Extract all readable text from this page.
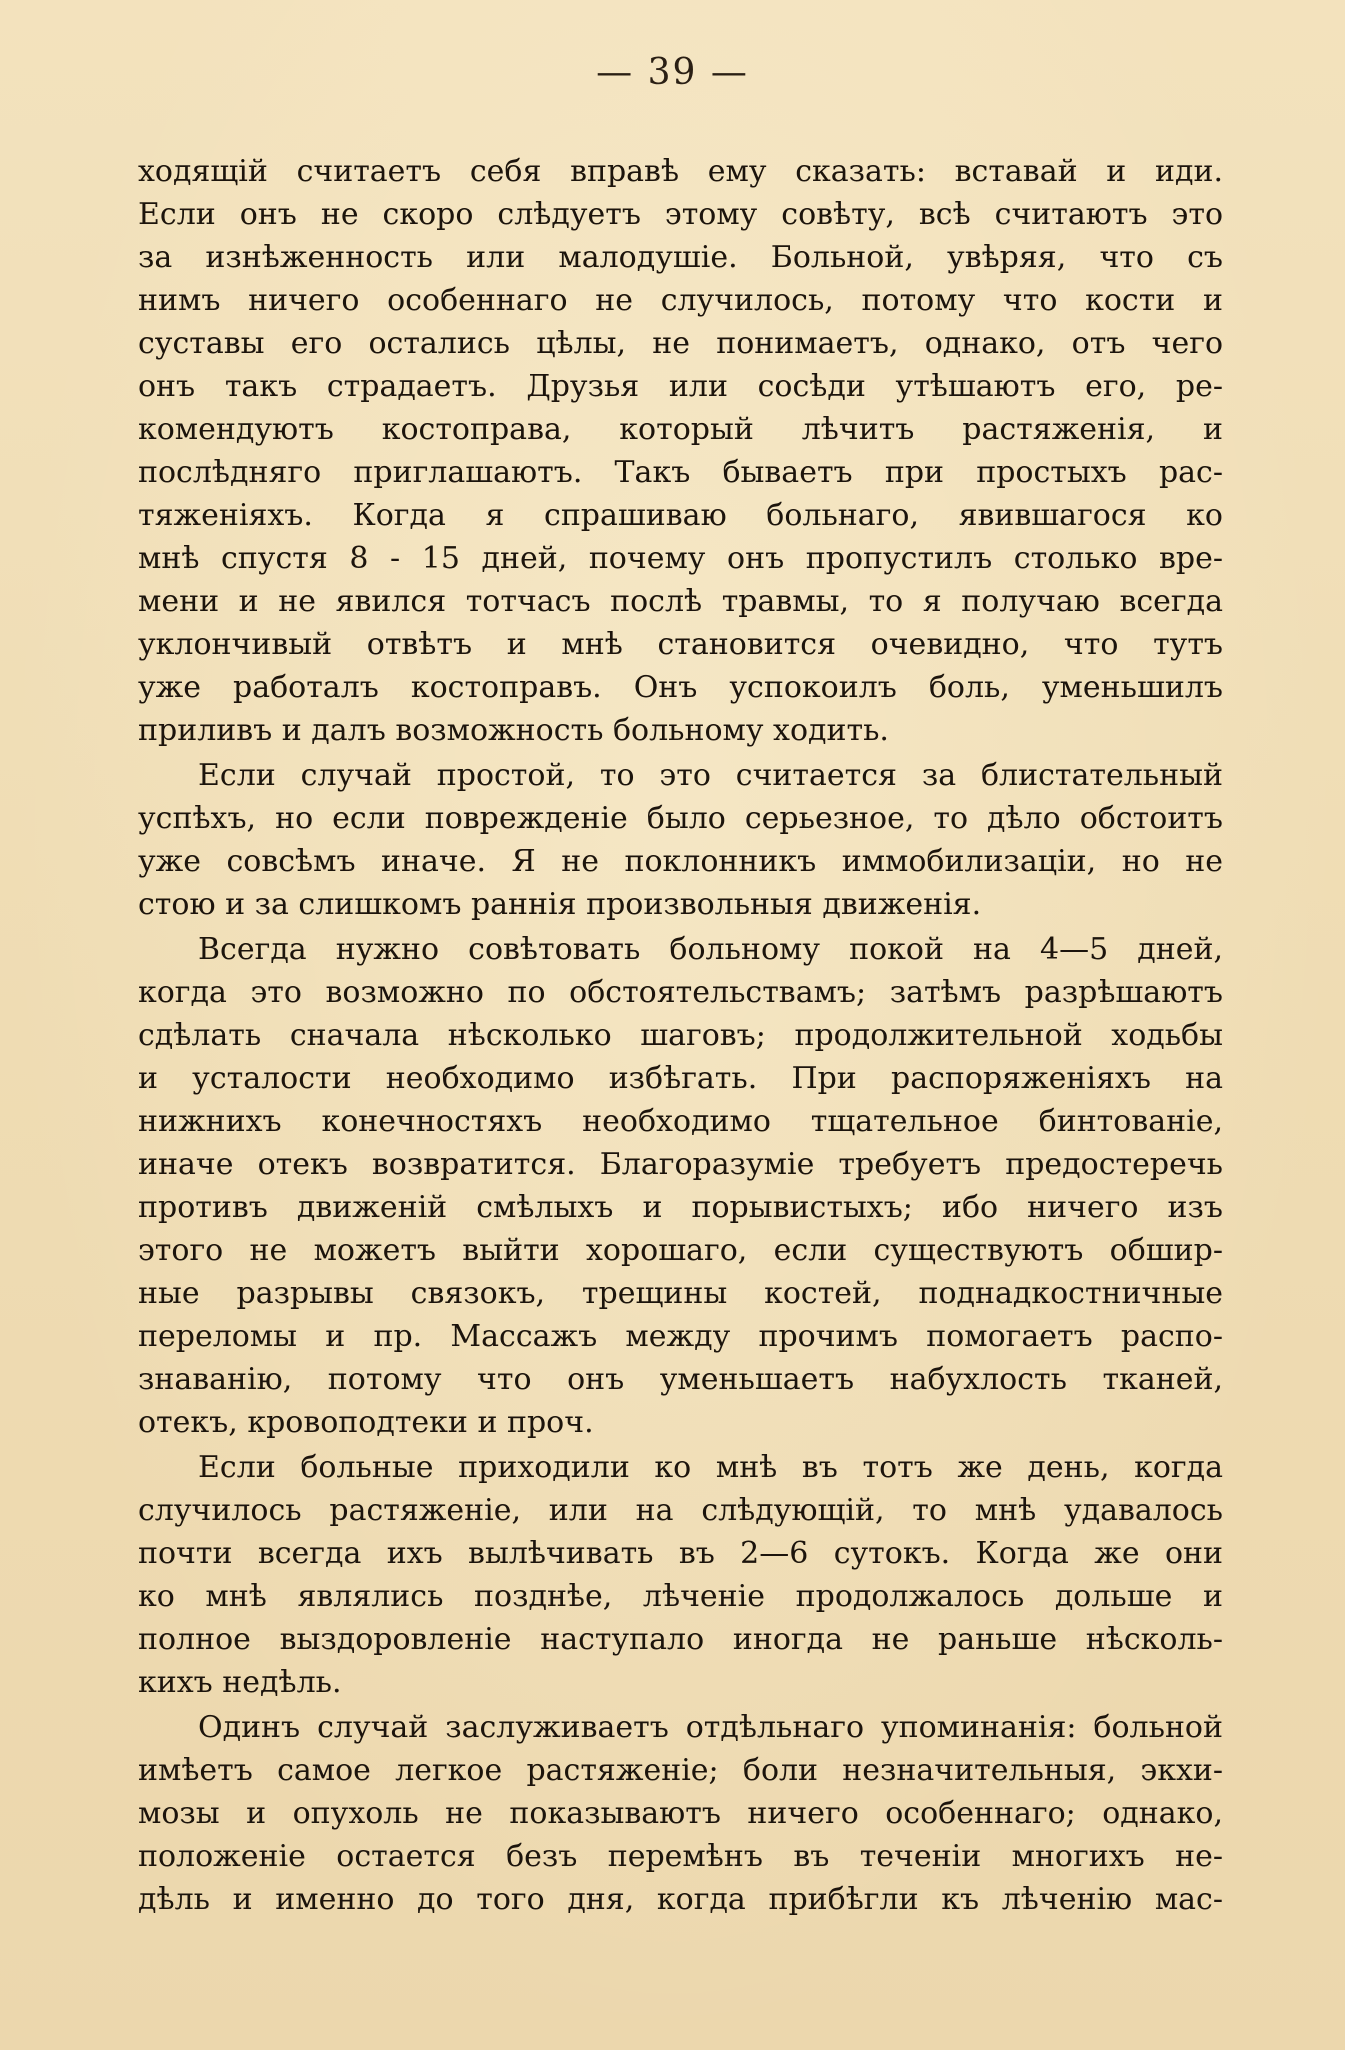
— 39 —
ходящій считаетъ себя вправѣ ему сказать: вставай и иди.
Если онъ не скоро слѣдуетъ этому совѣту, всѣ считаютъ это
за изнѣженность или малодушіе. Больной, увѣряя, что съ
нимъ ничего особеннаго не случилось, потому что кости и
суставы его остались цѣлы, не понимаетъ, однако, отъ чего
онъ такъ страдаетъ. Друзья или сосѣди утѣшаютъ его, ре-
комендуютъ костоправа, который лѣчитъ растяженія, и
послѣдняго приглашаютъ. Такъ бываетъ при простыхъ рас-
тяженіяхъ. Когда я спрашиваю больнаго, явившагося ко
мнѣ спустя 8 - 15 дней, почему онъ пропустилъ столько вре-
мени и не явился тотчасъ послѣ травмы, то я получаю всегда
уклончивый отвѣтъ и мнѣ становится очевидно, что тутъ
уже работалъ костоправъ. Онъ успокоилъ боль, уменьшилъ
приливъ и далъ возможность больному ходить.
Если случай простой, то это считается за блистательный
успѣхъ, но если поврежденіе было серьезное, то дѣло обстоитъ
уже совсѣмъ иначе. Я не поклонникъ иммобилизаціи, но не
стою и за слишкомъ раннія произвольныя движенія.
Всегда нужно совѣтовать больному покой на 4—5 дней,
когда это возможно по обстоятельствамъ; затѣмъ разрѣшаютъ
сдѣлать сначала нѣсколько шаговъ; продолжительной ходьбы
и усталости необходимо избѣгать. При распоряженіяхъ на
нижнихъ конечностяхъ необходимо тщательное бинтованіе,
иначе отекъ возвратится. Благоразуміе требуетъ предостеречь
противъ движеній смѣлыхъ и порывистыхъ; ибо ничего изъ
этого не можетъ выйти хорошаго, если существуютъ обшир-
ные разрывы связокъ, трещины костей, поднадкостничные
переломы и пр. Массажъ между прочимъ помогаетъ распо-
знаванію, потому что онъ уменьшаетъ набухлость тканей,
отекъ, кровоподтеки и проч.
Если больные приходили ко мнѣ въ тотъ же день, когда
случилось растяженіе, или на слѣдующій, то мнѣ удавалось
почти всегда ихъ вылѣчивать въ 2—6 сутокъ. Когда же они
ко мнѣ являлись позднѣе, лѣченіе продолжалось дольше и
полное выздоровленіе наступало иногда не раньше нѣсколь-
кихъ недѣль.
Одинъ случай заслуживаетъ отдѣльнаго упоминанія: больной
имѣетъ самое легкое растяженіе; боли незначительныя, экхи-
мозы и опухоль не показываютъ ничего особеннаго; однако,
положеніе остается безъ перемѣнъ въ теченіи многихъ не-
дѣль и именно до того дня, когда прибѣгли къ лѣченію мас-
